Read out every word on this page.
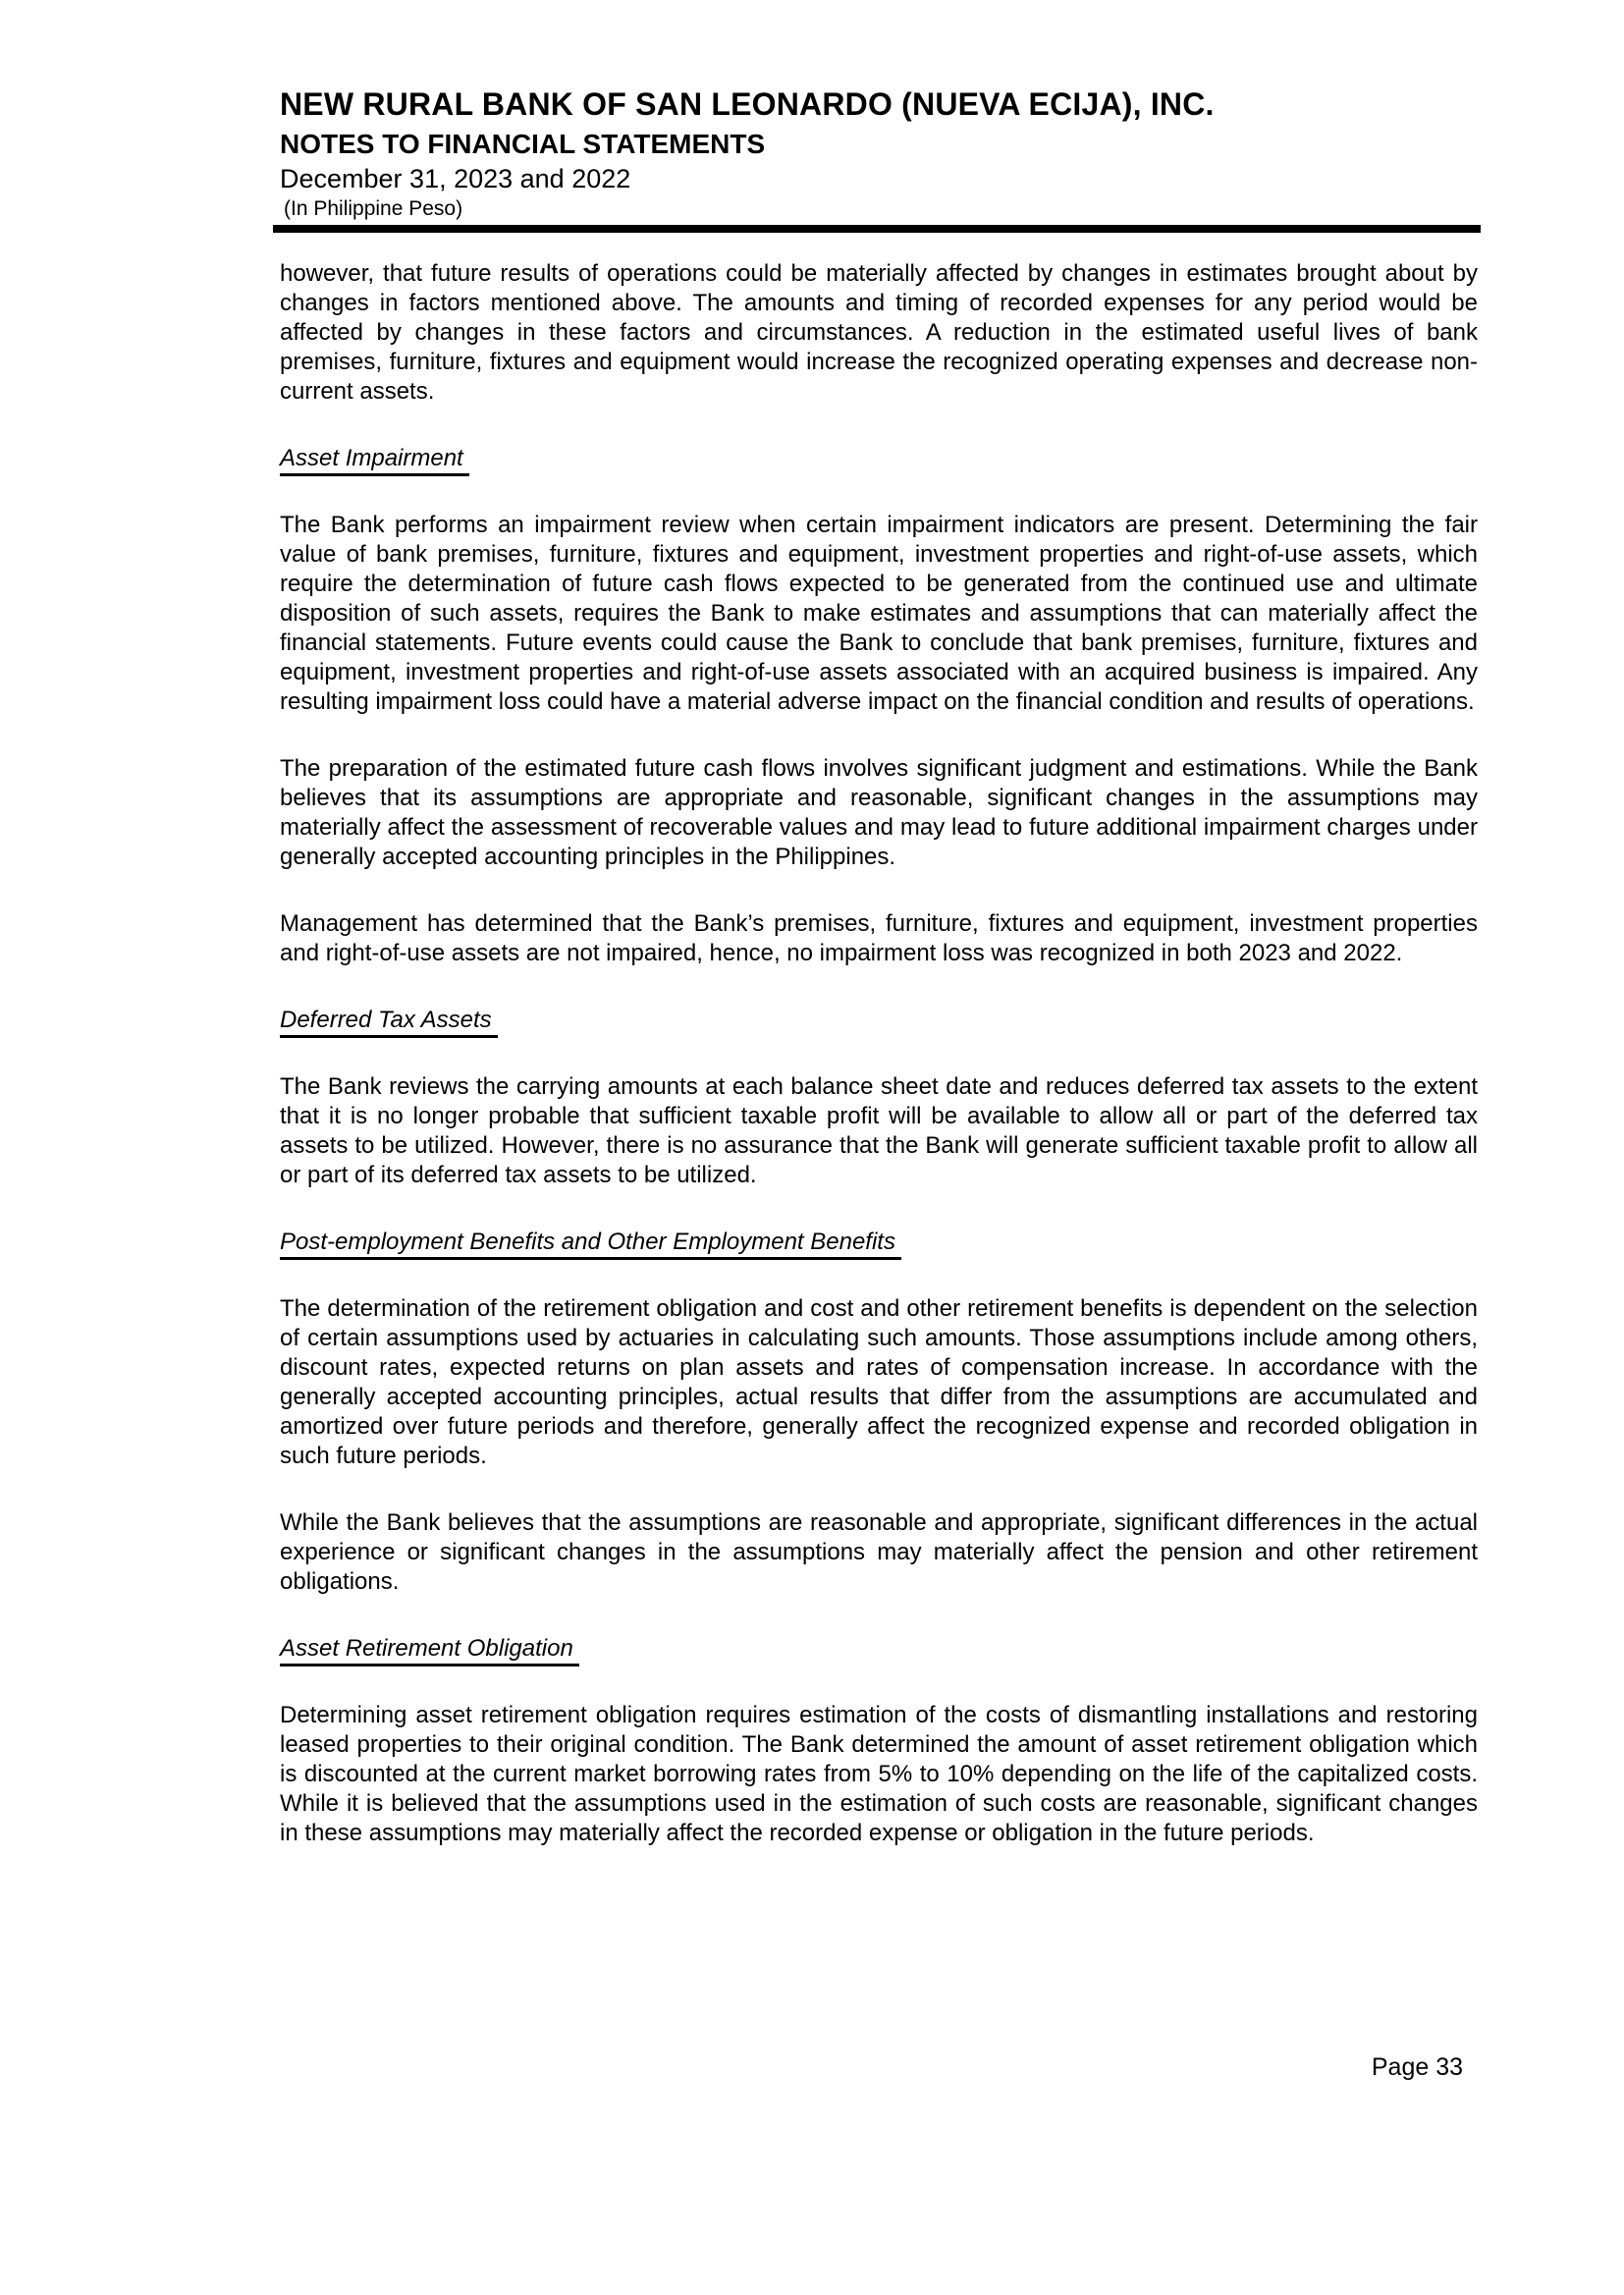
NEW RURAL BANK OF SAN LEONARDO (NUEVA ECIJA), INC.
NOTES TO FINANCIAL STATEMENTS
December 31, 2023 and 2022
(In Philippine Peso)

however, that future results of operations could be materially affected by changes in estimates brought about by changes in factors mentioned above. The amounts and timing of recorded expenses for any period would be affected by changes in these factors and circumstances. A reduction in the estimated useful lives of bank premises, furniture, fixtures and equipment would increase the recognized operating expenses and decrease non-current assets.

Asset Impairment

The Bank performs an impairment review when certain impairment indicators are present. Determining the fair value of bank premises, furniture, fixtures and equipment, investment properties and right-of-use assets, which require the determination of future cash flows expected to be generated from the continued use and ultimate disposition of such assets, requires the Bank to make estimates and assumptions that can materially affect the financial statements. Future events could cause the Bank to conclude that bank premises, furniture, fixtures and equipment, investment properties and right-of-use assets associated with an acquired business is impaired. Any resulting impairment loss could have a material adverse impact on the financial condition and results of operations.

The preparation of the estimated future cash flows involves significant judgment and estimations. While the Bank believes that its assumptions are appropriate and reasonable, significant changes in the assumptions may materially affect the assessment of recoverable values and may lead to future additional impairment charges under generally accepted accounting principles in the Philippines.

Management has determined that the Bank’s premises, furniture, fixtures and equipment, investment properties and right-of-use assets are not impaired, hence, no impairment loss was recognized in both 2023 and 2022.

Deferred Tax Assets

The Bank reviews the carrying amounts at each balance sheet date and reduces deferred tax assets to the extent that it is no longer probable that sufficient taxable profit will be available to allow all or part of the deferred tax assets to be utilized. However, there is no assurance that the Bank will generate sufficient taxable profit to allow all or part of its deferred tax assets to be utilized.

Post-employment Benefits and Other Employment Benefits

The determination of the retirement obligation and cost and other retirement benefits is dependent on the selection of certain assumptions used by actuaries in calculating such amounts. Those assumptions include among others, discount rates, expected returns on plan assets and rates of compensation increase. In accordance with the generally accepted accounting principles, actual results that differ from the assumptions are accumulated and amortized over future periods and therefore, generally affect the recognized expense and recorded obligation in such future periods.

While the Bank believes that the assumptions are reasonable and appropriate, significant differences in the actual experience or significant changes in the assumptions may materially affect the pension and other retirement obligations.

Asset Retirement Obligation

Determining asset retirement obligation requires estimation of the costs of dismantling installations and restoring leased properties to their original condition. The Bank determined the amount of asset retirement obligation which is discounted at the current market borrowing rates from 5% to 10% depending on the life of the capitalized costs. While it is believed that the assumptions used in the estimation of such costs are reasonable, significant changes in these assumptions may materially affect the recorded expense or obligation in the future periods.

Page 33
